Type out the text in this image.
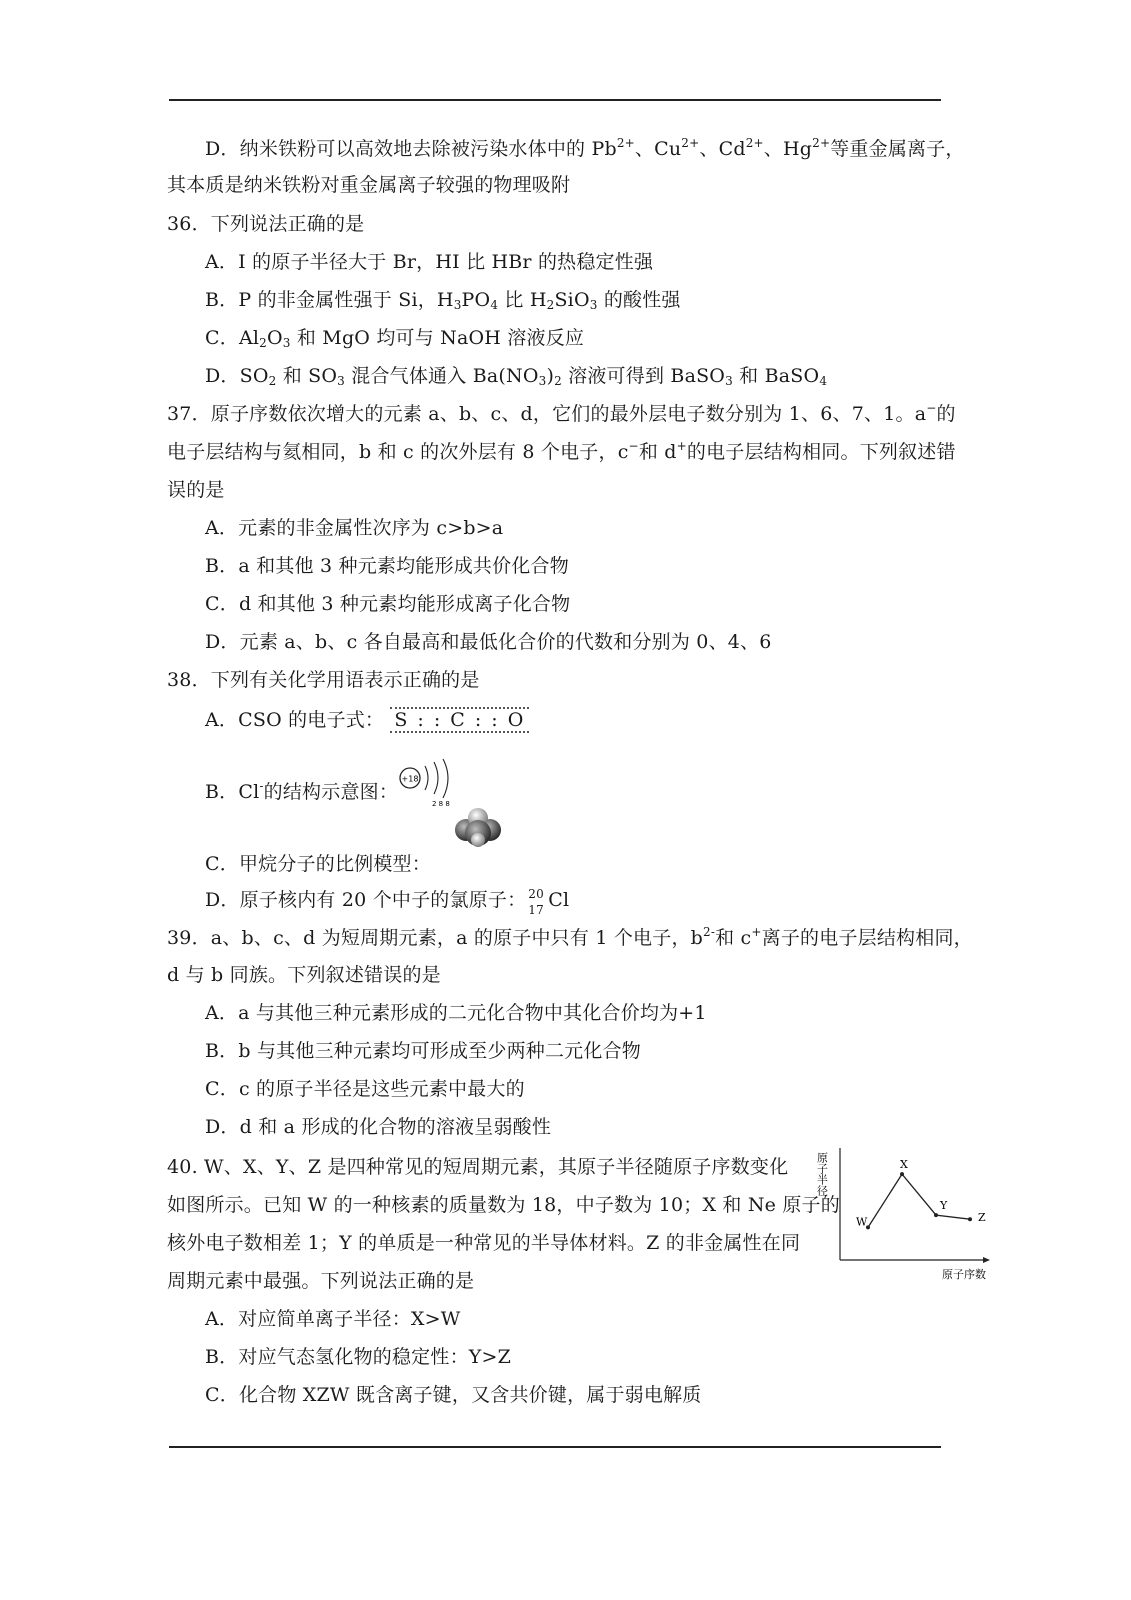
D．纳米铁粉可以高效地去除被污染水体中的 $Pb^{2+}$、$Cu^{2+}$、$Cd^{2+}$、$Hg^{2+}$等重金属离子，
其本质是纳米铁粉对重金属离子较强的物理吸附
36．下列说法正确的是
A．I 的原子半径大于 Br，HI 比 HBr 的热稳定性强
B．P 的非金属性强于 Si，$H_3PO_4$ 比 $H_2SiO_3$ 的酸性强
C．$Al_2O_3$ 和 MgO 均可与 NaOH 溶液反应
D．$SO_2$ 和 $SO_3$ 混合气体通入 $Ba(NO_3)_2$ 溶液可得到 BaSO$_3$ 和 BaSO$_4$
37．原子序数依次增大的元素 a、b、c、d，它们的最外层电子数分别为 1、6、7、1。a−的
电子层结构与氦相同，b 和 c 的次外层有 8 个电子，c−和 d+的电子层结构相同。下列叙述错
误的是
A．元素的非金属性次序为 c>b>a
B．a 和其他 3 种元素均能形成共价化合物
C．d 和其他 3 种元素均能形成离子化合物
D．元素 a、b、c 各自最高和最低化合价的代数和分别为 0、4、6
38．下列有关化学用语表示正确的是
A．CSO 的电子式： S : : C : : O
B．Cl-的结构示意图：
+18
2 8 8
C．甲烷分子的比例模型：
D．原子核内有 20 个中子的氯原子： 20
17 Cl
39．a、b、c、d 为短周期元素，a 的原子中只有 1 个电子，$b^{2-}$和 c+离子的电子层结构相同，
d 与 b 同族。下列叙述错误的是
A．a 与其他三种元素形成的二元化合物中其化合价均为+1
B．b 与其他三种元素均可形成至少两种二元化合物
C．c 的原子半径是这些元素中最大的
D．d 和 a 形成的化合物的溶液呈弱酸性
40. W、X、Y、Z 是四种常见的短周期元素，其原子半径随原子序数变化
如图所示。已知 W 的一种核素的质量数为 18，中子数为 10；X 和 Ne 原子的
核外电子数相差 1；Y 的单质是一种常见的半导体材料。Z 的非金属性在同
周期元素中最强。下列说法正确的是
原子半径
W
X
Y
Z
原子序数
A．对应简单离子半径：X>W
B．对应气态氢化物的稳定性：Y>Z
C．化合物 XZW 既含离子键，又含共价键，属于弱电解质
